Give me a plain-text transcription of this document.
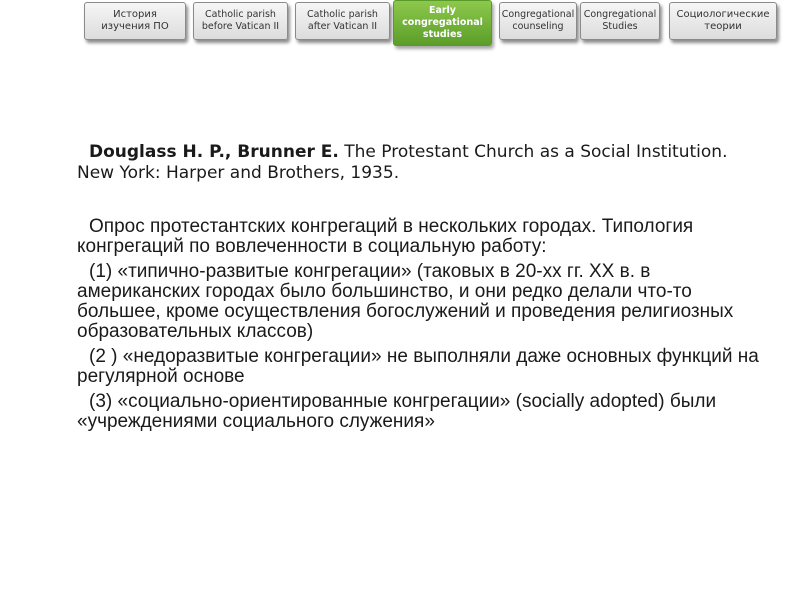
История
изучения ПО
Catholic parish
before Vatican II
Catholic parish
after Vatican II
Early
congregational
studies
Congregational
counseling
Congregational
Studies
Социологические
теории

Douglass H. P., Brunner E. The Protestant Church as a Social Institution. New York: Harper and Brothers, 1935.

Опрос протестантских конгрегаций в нескольких городах. Типология конгрегаций по вовлеченности в социальную работу:

(1) «типично-развитые конгрегации» (таковых в 20-хх гг. XX в. в американских городах было большинство, и они редко делали что-то большее, кроме осуществления богослужений и проведения религиозных образовательных классов)

(2 ) «недоразвитые конгрегации» не выполняли даже основных функций на регулярной основе

(3) «социально-ориентированные конгрегации» (socially adopted) были «учреждениями социального служения»
